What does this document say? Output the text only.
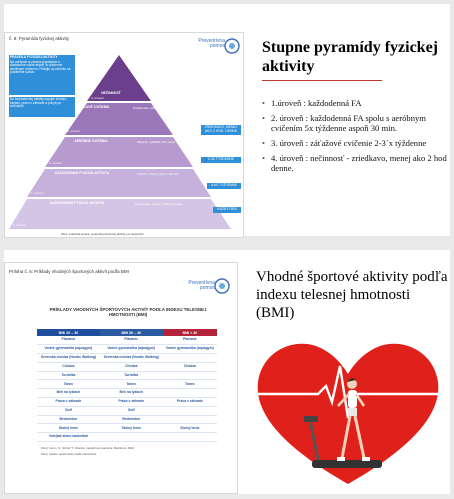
č. 8: Pyramída fyzickej aktivity	Preventívna
pomoc
PRAVIDLÁ FYZICKEJ AKTIVITY
Na udržanie si zdravia pravidelne a dostatočne cvičte aspoň 5x týždenne aeróbnym cvičením. Pridajte aj cvičenia na posilnenie svalov.
Do každodennej aktivity zapojte chôdzu, bicykel, prácu v záhrade a pohyb po schodoch.
NEČINNOSŤ
SILOVÉ CVIČENIA
AERÓBNE CVIČENIA
KAŽDODENNÁ FYZICKÁ AKTIVITA
KAŽDODENNÁ FYZICKÁ AKTIVITA
Pozeranie TV, sedenie, počítač
Posilňovanie, kliky, drepy
Plávanie, cyklistika, beh, tanec
Chôdza, schody, práca v záhrade
Upratovanie, nákupy, chôdza do práce
4. úroveň
3. úroveň
2. úroveň
1. úroveň
1. úroveň
ZRIEDKAVO, MENEJ AKO 2 HOD. DENNE
2-3X TÝŽDENNE
5-6X TÝŽDENNE
KAŽDÝ DEŇ
Zdroj: Lekárska správa, pyramída pohybovej aktivity pre dospelých
Stupne pyramídy fyzickej aktivity
• 1.úroveň : každodenná FA
• 2. úroveň : každodenná FA spolu s aeróbnym cvičením 5x týždenne aspoň 30 min.
• 3. úroveň : záťažové cvičenie 2-3´x týždenne
• 4. úroveň : nečinnosť - zriedkavo, menej ako 2 hod denne.
Príloha č. 6: Príklady vhodných športových aktivít podľa BMI
Preventívna
pomoc
PRÍKLADY VHODNÝCH ŠPORTOVÝCH AKTIVÍT PODĽA INDEXU TELESNEJ HMOTNOSTI (BMI)
BMI 20 – 30	BMI 30 – 40	BMI > 40
Plávanie	Plávanie	Plávanie
Vodné gymnastika (aquagym)	Vodné gymnastika (aquagym)	Vodné gymnastika (aquagym)
Severská chôdza (Nordic Walking)	Severská chôdza (Nordic Walking)	
Chôdza	Chôdza	Chôdza
Turistika	Turistika	
Tanec	Tanec	Tanec
Beh na lyžiach	Beh na lyžiach	
Práca v záhrade	Práca v záhrade	Práca v záhrade
Golf	Golf	
Bedminton	Bedminton	
Stolný tenis	Stolný tenis	Stolný tenis
Volejbal alebo basketbal		
Zdroj: Cervo, S., Schulz T.: Obezita, manažment pacienta, Mediforum 2020
Zdroj: vlastné spracovanie podľa odporúčaní
Vhodné športové aktivity podľa indexu telesnej hmotnosti (BMI)
